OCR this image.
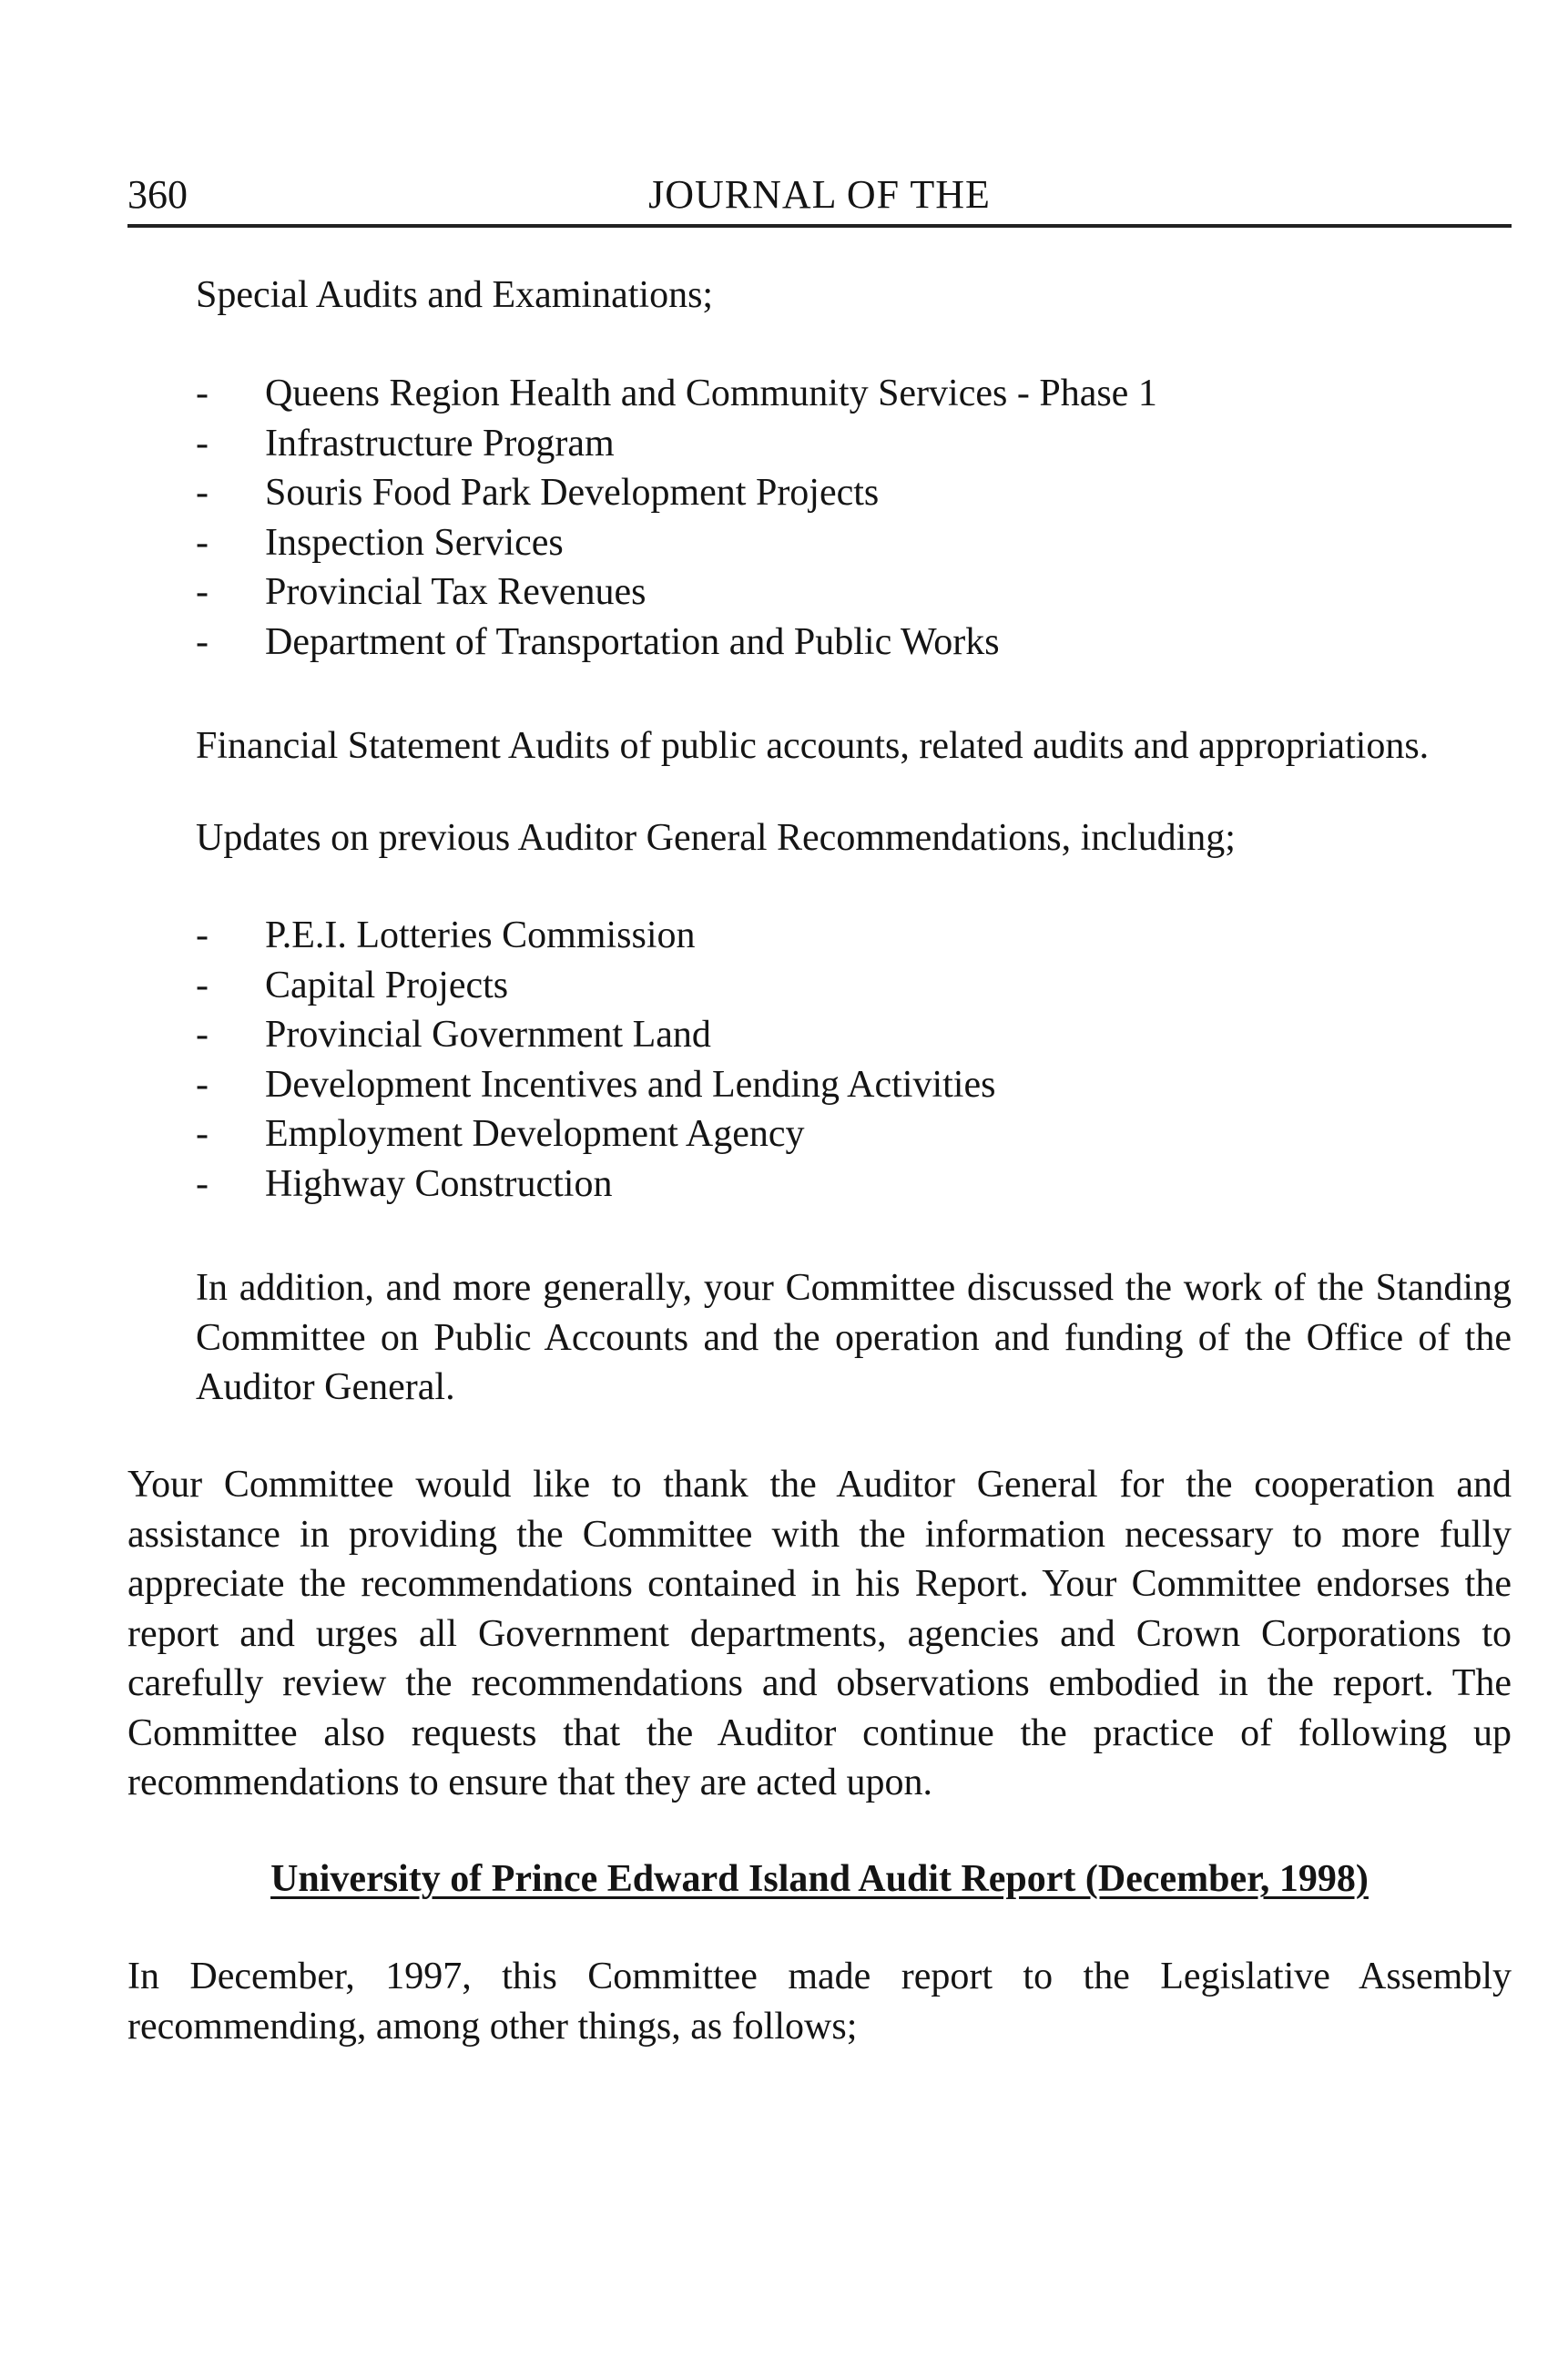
360	JOURNAL OF THE

Special Audits and Examinations;

- Queens Region Health and Community Services - Phase 1
- Infrastructure Program
- Souris Food Park Development Projects
- Inspection Services
- Provincial Tax Revenues
- Department of Transportation and Public Works

Financial Statement Audits of public accounts, related audits and appropriations.

Updates on previous Auditor General Recommendations, including;

- P.E.I. Lotteries Commission
- Capital Projects
- Provincial Government Land
- Development Incentives and Lending Activities
- Employment Development Agency
- Highway Construction

In addition, and more generally, your Committee discussed the work of the Standing Committee on Public Accounts and the operation and funding of the Office of the Auditor General.

Your Committee would like to thank the Auditor General for the cooperation and assistance in providing the Committee with the information necessary to more fully appreciate the recommendations contained in his Report. Your Committee endorses the report and urges all Government departments, agencies and Crown Corporations to carefully review the recommendations and observations embodied in the report. The Committee also requests that the Auditor continue the practice of following up recommendations to ensure that they are acted upon.

University of Prince Edward Island Audit Report (December, 1998)

In December, 1997, this Committee made report to the Legislative Assembly recommending, among other things, as follows;
